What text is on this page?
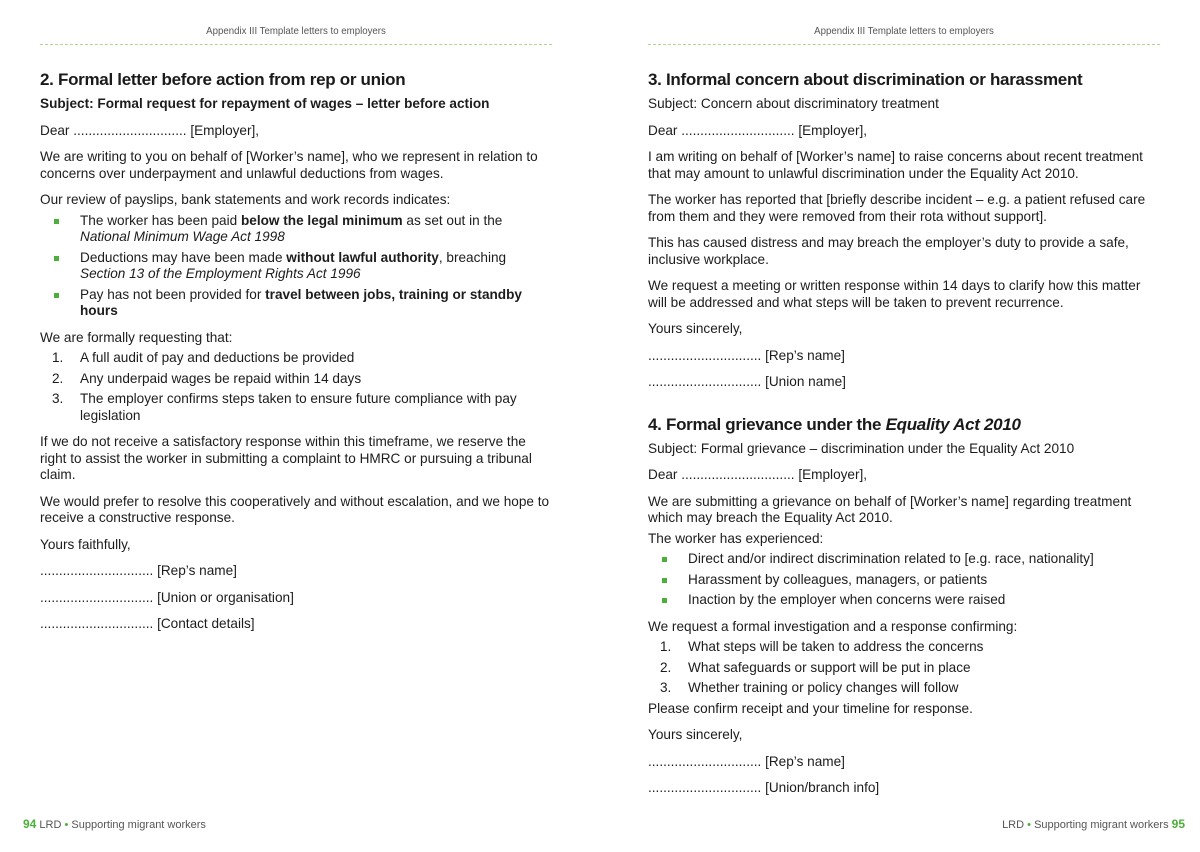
Appendix III Template letters to employers
2. Formal letter before action from rep or union
Subject: Formal request for repayment of wages – letter before action

Dear .............................. [Employer],

We are writing to you on behalf of [Worker’s name], who we represent in relation to concerns over underpayment and unlawful deductions from wages.

Our review of payslips, bank statements and work records indicates:

The worker has been paid below the legal minimum as set out in the National Minimum Wage Act 1998
Deductions may have been made without lawful authority, breaching Section 13 of the Employment Rights Act 1996
Pay has not been provided for travel between jobs, training or standby hours

We are formally requesting that:

1. A full audit of pay and deductions be provided
2. Any underpaid wages be repaid within 14 days
3. The employer confirms steps taken to ensure future compliance with pay legislation

If we do not receive a satisfactory response within this timeframe, we reserve the right to assist the worker in submitting a complaint to HMRC or pursuing a tribunal claim.

We would prefer to resolve this cooperatively and without escalation, and we hope to receive a constructive response.

Yours faithfully,

.............................. [Rep’s name]

.............................. [Union or organisation]

.............................. [Contact details]

94 LRD • Supporting migrant workers
Appendix III Template letters to employers
3. Informal concern about discrimination or harassment
Subject: Concern about discriminatory treatment

Dear .............................. [Employer],

I am writing on behalf of [Worker’s name] to raise concerns about recent treatment that may amount to unlawful discrimination under the Equality Act 2010.

The worker has reported that [briefly describe incident – e.g. a patient refused care from them and they were removed from their rota without support].

This has caused distress and may breach the employer’s duty to provide a safe, inclusive workplace.

We request a meeting or written response within 14 days to clarify how this matter will be addressed and what steps will be taken to prevent recurrence.

Yours sincerely,

.............................. [Rep’s name]

.............................. [Union name]

4. Formal grievance under the Equality Act 2010
Subject: Formal grievance – discrimination under the Equality Act 2010

Dear .............................. [Employer],

We are submitting a grievance on behalf of [Worker’s name] regarding treatment which may breach the Equality Act 2010.

The worker has experienced:

Direct and/or indirect discrimination related to [e.g. race, nationality]
Harassment by colleagues, managers, or patients
Inaction by the employer when concerns were raised

We request a formal investigation and a response confirming:

1. What steps will be taken to address the concerns
2. What safeguards or support will be put in place
3. Whether training or policy changes will follow

Please confirm receipt and your timeline for response.

Yours sincerely,

.............................. [Rep’s name]

.............................. [Union/branch info]

LRD • Supporting migrant workers 95
